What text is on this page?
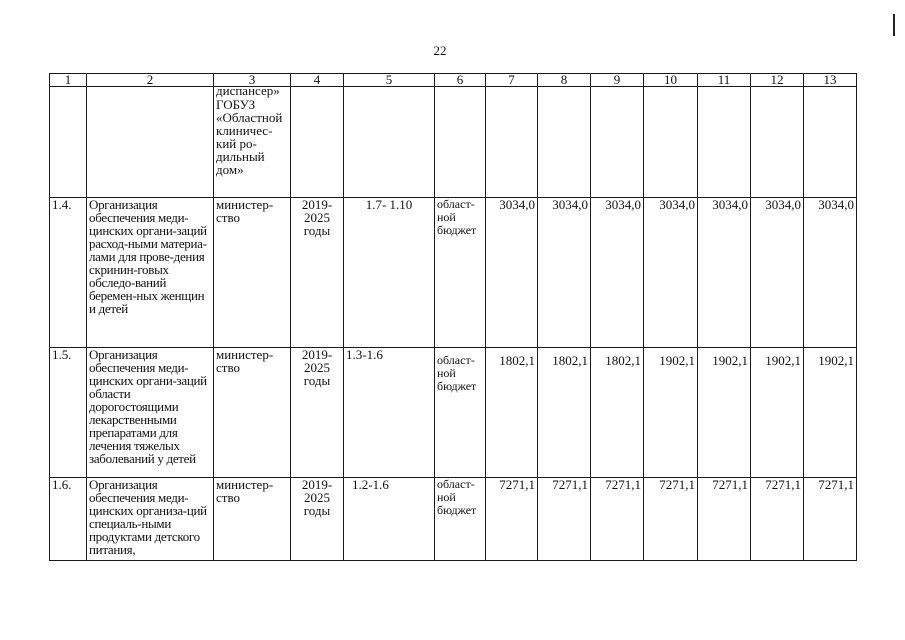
22
1	2	3	4	5	6	7	8	9	10	11	12	13

		диспансер»
ГОБУЗ «Областной клиничес-кий ро-дильный дом»										

1.4.	Организация обеспечения меди-цинских органи-заций расход-ными материа-лами для прове-дения скринин-говых обследо-ваний беремен-ных женщин и детей	министер-ство	2019-2025 годы	1.7- 1.10	област-ной бюджет	3034,0	3034,0	3034,0	3034,0	3034,0	3034,0	3034,0
1.5.	Организация обеспечения меди-цинских органи-заций области дорогостоящими лекарственными препаратами для лечения тяжелых заболеваний у детей	министер-ство	2019-2025 годы	1.3-1.6	област-ной бюджет	1802,1	1802,1	1802,1	1902,1	1902,1	1902,1	1902,1
1.6.	Организация обеспечения меди-цинских организа-ций специаль-ными продуктами детского питания,	министер-ство	2019-2025 годы	1.2-1.6	област-ной бюджет	7271,1	7271,1	7271,1	7271,1	7271,1	7271,1	7271,1
